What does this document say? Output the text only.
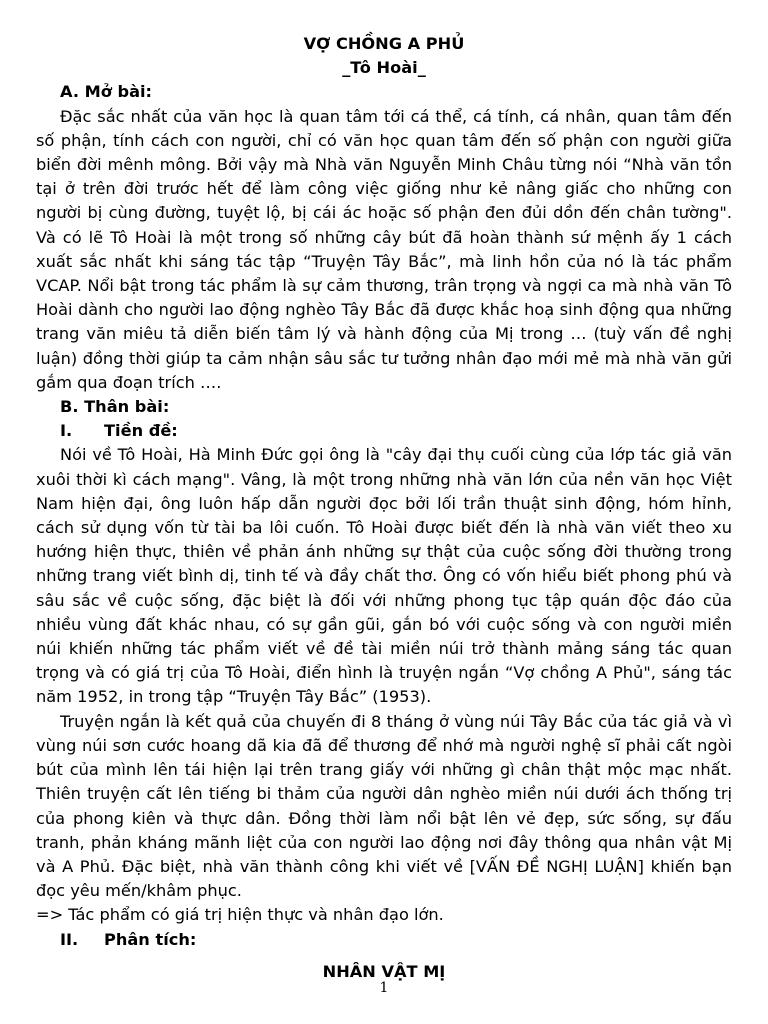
VỢ CHỒNG A PHỦ

_Tô Hoài_

A. Mở bài:

Đặc sắc nhất của văn học là quan tâm tới cá thể, cá tính, cá nhân, quan tâm đến số phận, tính cách con người, chỉ có văn học quan tâm đến số phận con người giữa biển đời mênh mông. Bởi vậy mà Nhà văn Nguyễn Minh Châu từng nói “Nhà văn tồn tại ở trên đời trước hết để làm công việc giống như kẻ nâng giấc cho những con người bị cùng đường, tuyệt lộ, bị cái ác hoặc số phận đen đủi dồn đến chân tường". Và có lẽ Tô Hoài là một trong số những cây bút đã hoàn thành sứ mệnh ấy 1 cách xuất sắc nhất khi sáng tác tập “Truyện Tây Bắc”, mà linh hồn của nó là tác phẩm VCAP. Nổi bật trong tác phẩm là sự cảm thương, trân trọng và ngợi ca mà nhà văn Tô Hoài dành cho người lao động nghèo Tây Bắc đã được khắc hoạ sinh động qua những trang văn miêu tả diễn biến tâm lý và hành động của Mị trong … (tuỳ vấn đề nghị luận) đồng thời giúp ta cảm nhận sâu sắc tư tưởng nhân đạo mới mẻ mà nhà văn gửi gắm qua đoạn trích ….

B. Thân bài:

I. Tiền đề:

Nói về Tô Hoài, Hà Minh Đức gọi ông là "cây đại thụ cuối cùng của lớp tác giả văn xuôi thời kì cách mạng". Vâng, là một trong những nhà văn lớn của nền văn học Việt Nam hiện đại, ông luôn hấp dẫn người đọc bởi lối trần thuật sinh động, hóm hỉnh, cách sử dụng vốn từ tài ba lôi cuốn. Tô Hoài được biết đến là nhà văn viết theo xu hướng hiện thực, thiên về phản ánh những sự thật của cuộc sống đời thường trong những trang viết bình dị, tinh tế và đầy chất thơ. Ông có vốn hiểu biết phong phú và sâu sắc về cuộc sống, đặc biệt là đối với những phong tục tập quán độc đáo của nhiều vùng đất khác nhau, có sự gần gũi, gắn bó với cuộc sống và con người miền núi khiến những tác phẩm viết về đề tài miền núi trở thành mảng sáng tác quan trọng và có giá trị của Tô Hoài, điển hình là truyện ngắn “Vợ chồng A Phủ", sáng tác năm 1952, in trong tập “Truyện Tây Bắc” (1953).

Truyện ngắn là kết quả của chuyến đi 8 tháng ở vùng núi Tây Bắc của tác giả và vì vùng núi sơn cước hoang dã kia đã để thương để nhớ mà người nghệ sĩ phải cất ngòi bút của mình lên tái hiện lại trên trang giấy với những gì chân thật mộc mạc nhất. Thiên truyện cất lên tiếng bi thảm của người dân nghèo miền núi dưới ách thống trị của phong kiên và thực dân. Đồng thời làm nổi bật lên vẻ đẹp, sức sống, sự đấu tranh, phản kháng mãnh liệt của con người lao động nơi đây thông qua nhân vật Mị và A Phủ. Đặc biệt, nhà văn thành công khi viết về [VẤN ĐỀ NGHỊ LUẬN] khiến bạn đọc yêu mến/khâm phục.

=> Tác phẩm có giá trị hiện thực và nhân đạo lớn.

II. Phân tích:

NHÂN VẬT MỊ

1
